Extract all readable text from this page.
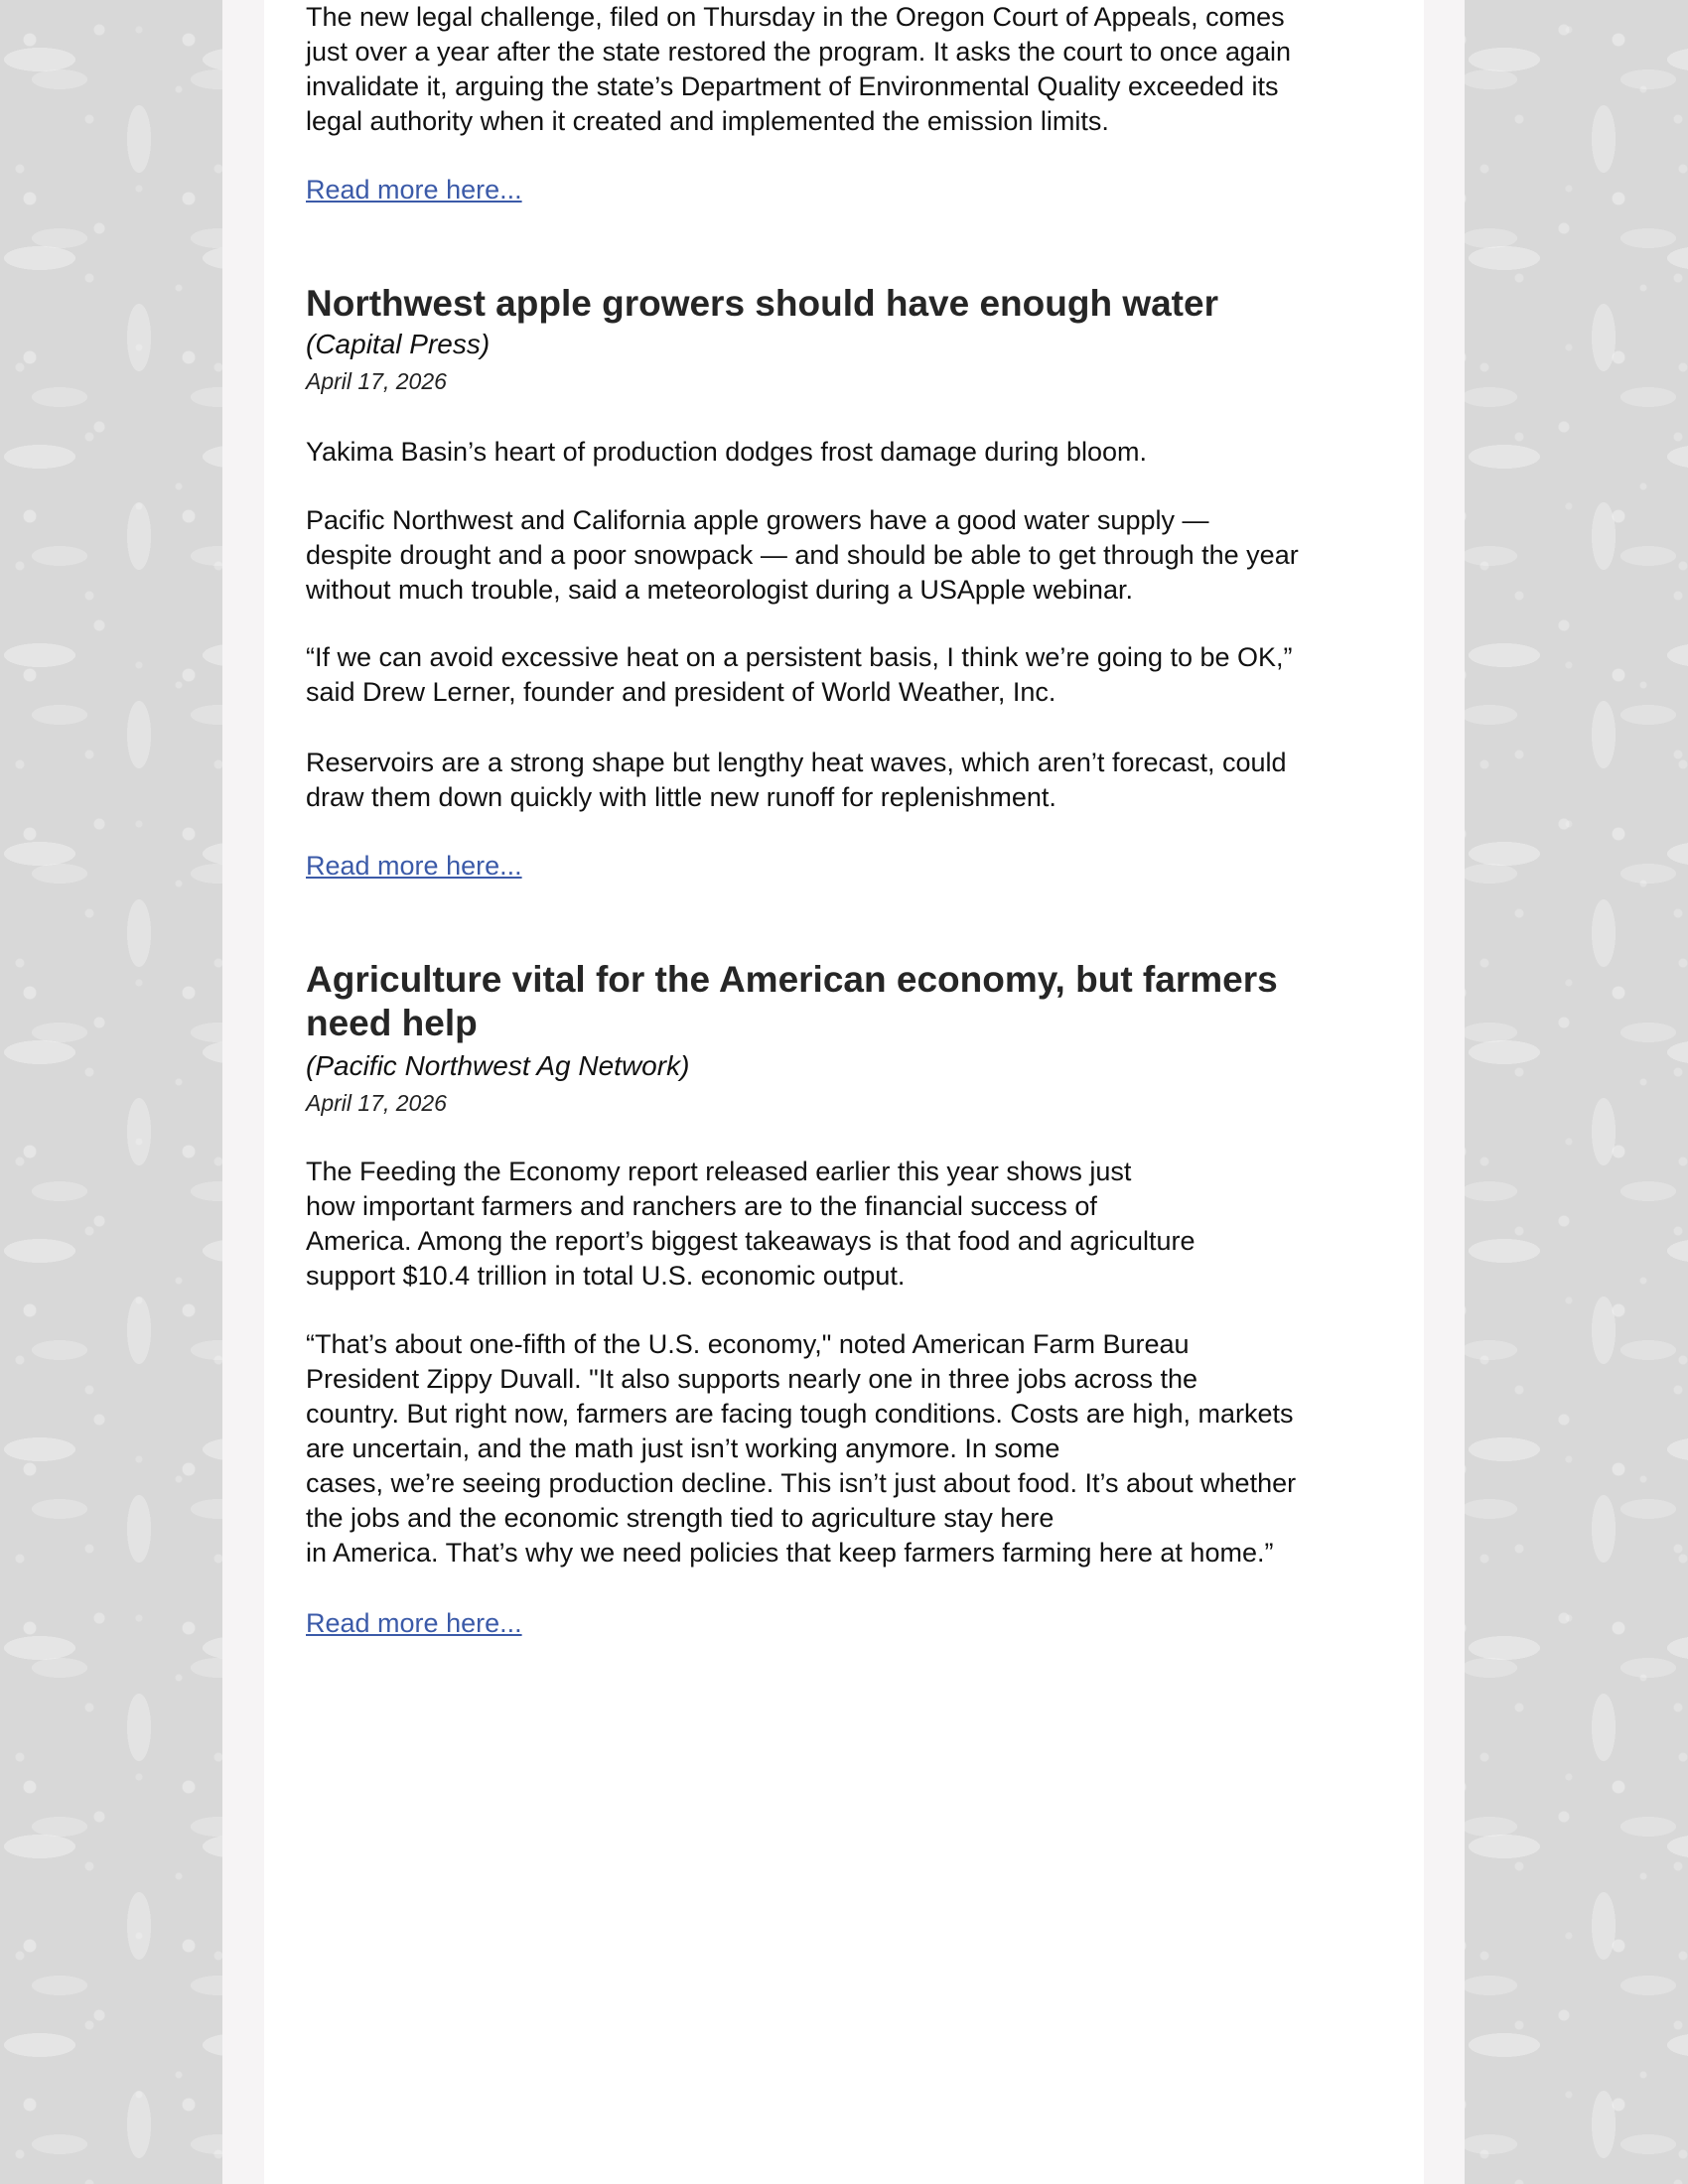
The new legal challenge, filed on Thursday in the Oregon Court of Appeals, comes
just over a year after the state restored the program. It asks the court to once again
invalidate it, arguing the state’s Department of Environmental Quality exceeded its
legal authority when it created and implemented the emission limits.

Read more here...
Northwest apple growers should have enough water

(Capital Press)

April 17, 2026

Yakima Basin’s heart of production dodges frost damage during bloom.

Pacific Northwest and California apple growers have a good water supply —
despite drought and a poor snowpack — and should be able to get through the year
without much trouble, said a meteorologist during a USApple webinar.

“If we can avoid excessive heat on a persistent basis, I think we’re going to be OK,”
said Drew Lerner, founder and president of World Weather, Inc.

Reservoirs are a strong shape but lengthy heat waves, which aren’t forecast, could
draw them down quickly with little new runoff for replenishment.

Read more here...
Agriculture vital for the American economy, but farmers
need help

(Pacific Northwest Ag Network)

April 17, 2026

The Feeding the Economy report released earlier this year shows just
how important farmers and ranchers are to the financial success of
America. Among the report’s biggest takeaways is that food and agriculture
support $10.4 trillion in total U.S. economic output.

“That’s about one-fifth of the U.S. economy," noted American Farm Bureau
President Zippy Duvall. "It also supports nearly one in three jobs across the
country. But right now, farmers are facing tough conditions. Costs are high, markets
are uncertain, and the math just isn’t working anymore. In some
cases, we’re seeing production decline. This isn’t just about food. It’s about whether
the jobs and the economic strength tied to agriculture stay here
in America. That’s why we need policies that keep farmers farming here at home.”

Read more here...
